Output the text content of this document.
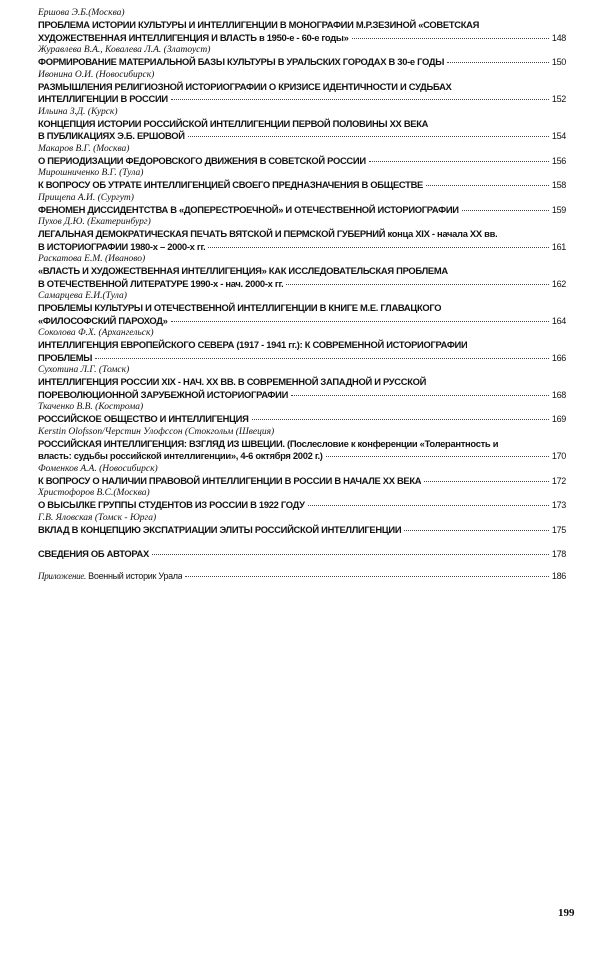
Ершова Э.Б.(Москва)
ПРОБЛЕМА ИСТОРИИ КУЛЬТУРЫ И ИНТЕЛЛИГЕНЦИИ В МОНОГРАФИИ М.Р.ЗЕЗИНОЙ «СОВЕТСКАЯ
ХУДОЖЕСТВЕННАЯ ИНТЕЛЛИГЕНЦИЯ И ВЛАСТЬ в 1950-е - 60-е годы»	148
Журавлева В.А., Ковалева Л.А. (Златоуст)
ФОРМИРОВАНИЕ МАТЕРИАЛЬНОЙ БАЗЫ КУЛЬТУРЫ В УРАЛЬСКИХ ГОРОДАХ В 30-е ГОДЫ	150
Ивонина О.И. (Новосибирск)
РАЗМЫШЛЕНИЯ РЕЛИГИОЗНОЙ ИСТОРИОГРАФИИ О КРИЗИСЕ ИДЕНТИЧНОСТИ И СУДЬБАХ
ИНТЕЛЛИГЕНЦИИ В РОССИИ	152
Ильина З.Д. (Курск)
КОНЦЕПЦИЯ ИСТОРИИ РОССИЙСКОЙ ИНТЕЛЛИГЕНЦИИ ПЕРВОЙ ПОЛОВИНЫ XX ВЕКА
В ПУБЛИКАЦИЯХ Э.Б. ЕРШОВОЙ	154
Макаров В.Г. (Москва)
О ПЕРИОДИЗАЦИИ ФЕДОРОВСКОГО ДВИЖЕНИЯ В СОВЕТСКОЙ РОССИИ	156
Мирошниченко В.Г. (Тула)
К ВОПРОСУ ОБ УТРАТЕ ИНТЕЛЛИГЕНЦИЕЙ СВОЕГО ПРЕДНАЗНАЧЕНИЯ В ОБЩЕСТВЕ	158
Прищепа А.И. (Сургут)
ФЕНОМЕН ДИССИДЕНТСТВА В «ДОПЕРЕСТРОЕЧНОЙ» И ОТЕЧЕСТВЕННОЙ ИСТОРИОГРАФИИ	159
Пухов Д.Ю. (Екатеринбург)
ЛЕГАЛЬНАЯ ДЕМОКРАТИЧЕСКАЯ ПЕЧАТЬ ВЯТСКОЙ И ПЕРМСКОЙ ГУБЕРНИЙ конца XIX - начала XX вв.
В ИСТОРИОГРАФИИ 1980-х – 2000-х гг.	161
Раскатова Е.М. (Иваново)
«ВЛАСТЬ И ХУДОЖЕСТВЕННАЯ ИНТЕЛЛИГЕНЦИЯ» КАК ИССЛЕДОВАТЕЛЬСКАЯ ПРОБЛЕМА
В ОТЕЧЕСТВЕННОЙ ЛИТЕРАТУРЕ 1990-х - нач. 2000-х гг.	162
Самарцева Е.И.(Тула)
ПРОБЛЕМЫ КУЛЬТУРЫ И ОТЕЧЕСТВЕННОЙ ИНТЕЛЛИГЕНЦИИ В КНИГЕ М.Е. ГЛАВАЦКОГО
«ФИЛОСОФСКИЙ ПАРОХОД»	164
Соколова Ф.Х. (Архангельск)
ИНТЕЛЛИГЕНЦИЯ ЕВРОПЕЙСКОГО СЕВЕРА (1917 - 1941 гг.): К СОВРЕМЕННОЙ ИСТОРИОГРАФИИ
ПРОБЛЕМЫ	166
Сухотина Л.Г. (Томск)
ИНТЕЛЛИГЕНЦИЯ РОССИИ XIX - НАЧ. XX ВВ. В СОВРЕМЕННОЙ ЗАПАДНОЙ И РУССКОЙ
ПОРЕВОЛЮЦИОННОЙ ЗАРУБЕЖНОЙ ИСТОРИОГРАФИИ	168
Ткаченко В.В. (Кострома)
РОССИЙСКОЕ ОБЩЕСТВО И ИНТЕЛЛИГЕНЦИЯ	169
Kerstin Olofsson/Черстин Улофссон (Стокгольм (Швеция)
РОССИЙСКАЯ ИНТЕЛЛИГЕНЦИЯ: ВЗГЛЯД ИЗ ШВЕЦИИ. (Послесловие к конференции «Толерантность и
власть: судьбы российской интеллигенции», 4-6 октября 2002 г.)	170
Фоменков А.А. (Новосибирск)
К ВОПРОСУ О НАЛИЧИИ ПРАВОВОЙ ИНТЕЛЛИГЕНЦИИ В РОССИИ В НАЧАЛЕ XX ВЕКА	172
Христофоров В.С.(Москва)
О ВЫСЫЛКЕ ГРУППЫ СТУДЕНТОВ ИЗ РОССИИ В 1922 ГОДУ	173
Г.В. Яловская (Томск - Юрга)
ВКЛАД В КОНЦЕПЦИЮ ЭКСПАТРИАЦИИ ЭЛИТЫ РОССИЙСКОЙ ИНТЕЛЛИГЕНЦИИ	175
СВЕДЕНИЯ ОБ АВТОРАХ	178
Приложение. Военный историк Урала	186
199
